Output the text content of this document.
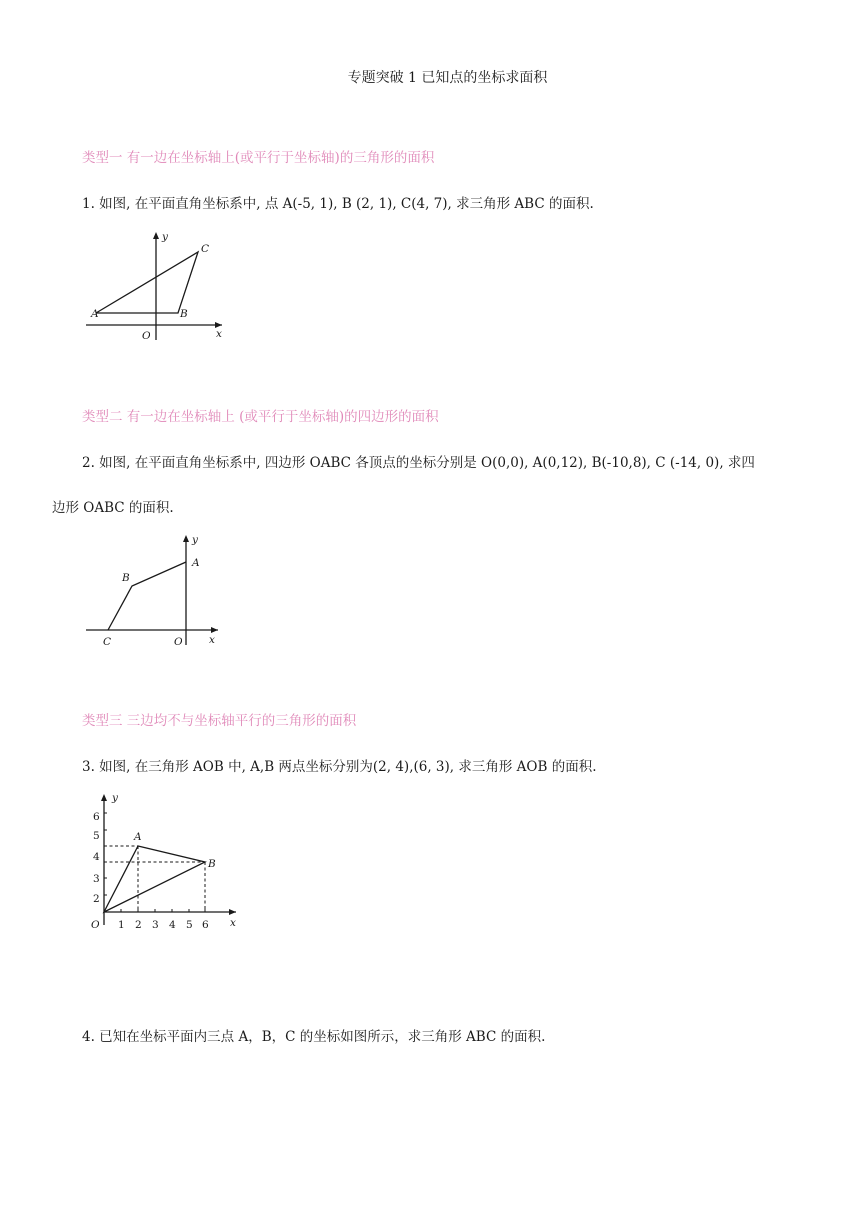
专题突破 1 已知点的坐标求面积
类型一 有一边在坐标轴上(或平行于坐标轴)的三角形的面积
1. 如图, 在平面直角坐标系中, 点 A(-5, 1), B (2, 1), C(4, 7), 求三角形 ABC 的面积.
y
x
O
A	B
C
类型二 有一边在坐标轴上 (或平行于坐标轴)的四边形的面积
2. 如图, 在平面直角坐标系中, 四边形 OABC 各顶点的坐标分别是 O(0,0), A(0,12), B(-10,8), C (-14, 0), 求四
边形 OABC 的面积.
y
x
O
A
B
C
类型三 三边均不与坐标轴平行的三角形的面积
3. 如图, 在三角形 AOB 中, A,B 两点坐标分别为(2, 4),(6, 3), 求三角形 AOB 的面积.
y
x
O
A
B
6
5
4
3
2
1 2 3 4 5 6
4. 已知在坐标平面内三点 A，B，C 的坐标如图所示，求三角形 ABC 的面积.
